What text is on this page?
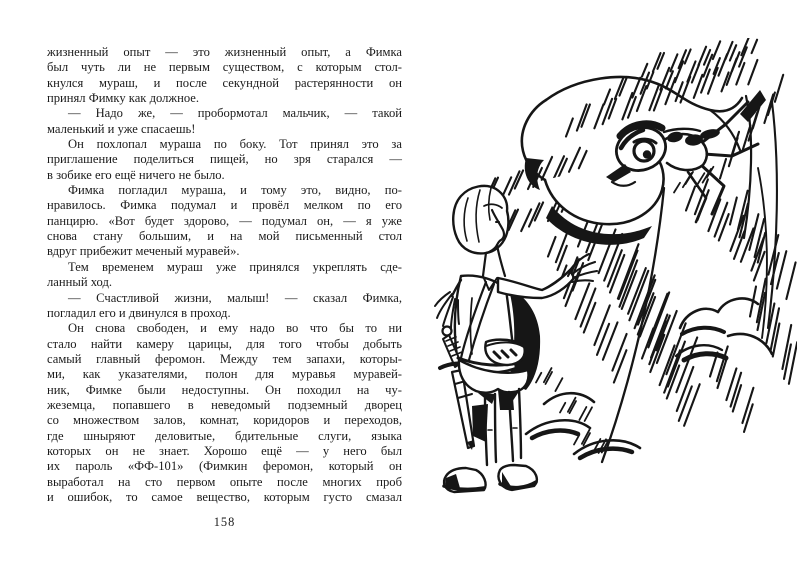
жизненный опыт — это жизненный опыт, а Фимка
был чуть ли не первым существом, с которым стол-
кнулся мураш, и после секундной растерянности он
принял Фимку как должное.
— Надо же, — пробормотал мальчик, — такой
маленький и уже спасаешь!
Он похлопал мураша по боку. Тот принял это за
приглашение поделиться пищей, но зря старался —
в зобике его ещё ничего не было.
Фимка погладил мураша, и тому это, видно, по-
нравилось. Фимка подумал и провёл мелком по его
панцирю. «Вот будет здорово, — подумал он, — я уже
снова стану большим, и на мой письменный стол
вдруг прибежит меченый муравей».
Тем временем мураш уже принялся укреплять сде-
ланный ход.
— Счастливой жизни, малыш! — сказал Фимка,
погладил его и двинулся в проход.
Он снова свободен, и ему надо во что бы то ни
стало найти камеру царицы, для того чтобы добыть
самый главный феромон. Между тем запахи, которы-
ми, как указателями, полон для муравья муравей-
ник, Фимке были недоступны. Он походил на чу-
жеземца, попавшего в неведомый подземный дворец
со множеством залов, комнат, коридоров и переходов,
где шныряют деловитые, бдительные слуги, языка
которых он не знает. Хорошо ещё — у него был
их пароль «ФФ-101» (Фимкин феромон, который он
выработал на сто первом опыте после многих проб
и ошибок, то самое вещество, которым густо смазал
158
